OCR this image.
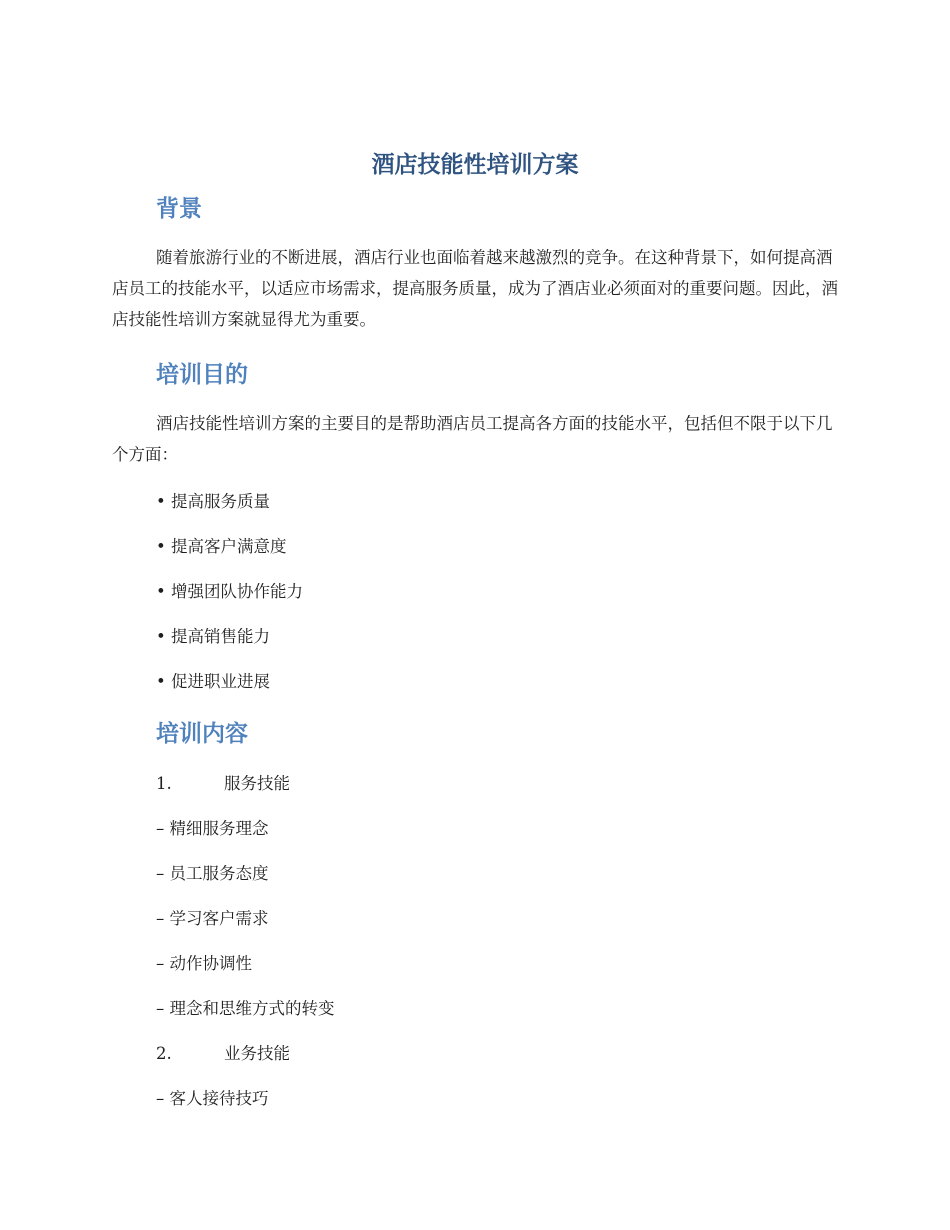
酒店技能性培训方案
背景
随着旅游行业的不断进展，酒店行业也面临着越来越激烈的竞争。在这种背景下，如何提高酒店员工的技能水平，以适应市场需求，提高服务质量，成为了酒店业必须面对的重要问题。因此，酒店技能性培训方案就显得尤为重要。
培训目的
酒店技能性培训方案的主要目的是帮助酒店员工提高各方面的技能水平，包括但不限于以下几个方面：
• 提高服务质量
• 提高客户满意度
• 增强团队协作能力
• 提高销售能力
• 促进职业进展
培训内容
1.	服务技能
– 精细服务理念
– 员工服务态度
– 学习客户需求
– 动作协调性
– 理念和思维方式的转变
2.	业务技能
– 客人接待技巧
